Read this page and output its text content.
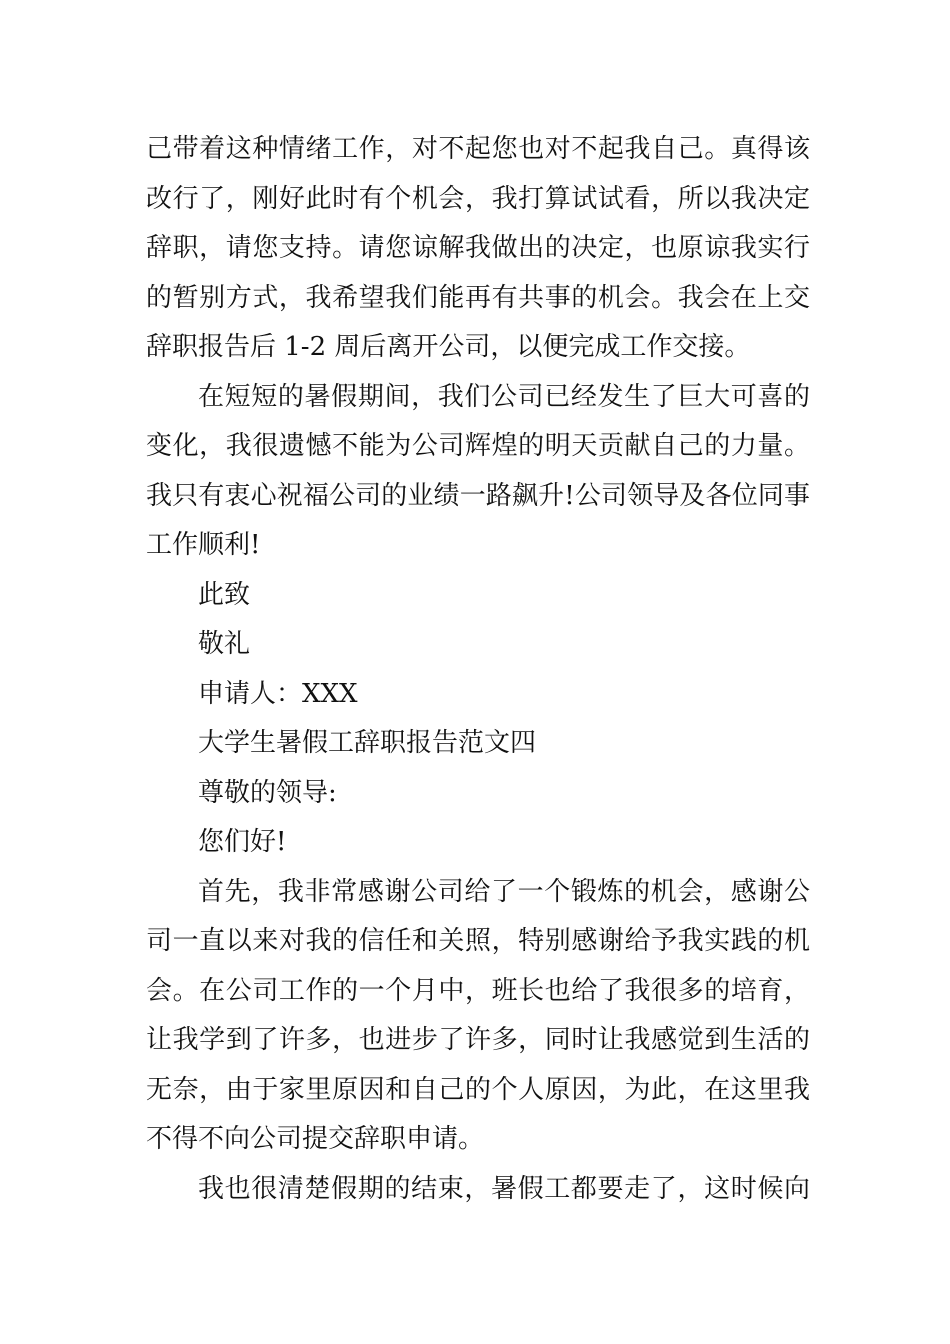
己带着这种情绪工作，对不起您也对不起我自己。真得该
改行了，刚好此时有个机会，我打算试试看，所以我决定
辞职，请您支持。请您谅解我做出的决定，也原谅我实行
的暂别方式，我希望我们能再有共事的机会。我会在上交
辞职报告后 1-2 周后离开公司，以便完成工作交接。
在短短的暑假期间，我们公司已经发生了巨大可喜的
变化，我很遗憾不能为公司辉煌的明天贡献自己的力量。
我只有衷心祝福公司的业绩一路飙升!公司领导及各位同事
工作顺利!
此致
敬礼
申请人：XXX
大学生暑假工辞职报告范文四
尊敬的领导:
您们好!
首先，我非常感谢公司给了一个锻炼的机会，感谢公
司一直以来对我的信任和关照，特别感谢给予我实践的机
会。在公司工作的一个月中，班长也给了我很多的培育，
让我学到了许多，也进步了许多，同时让我感觉到生活的
无奈，由于家里原因和自己的个人原因，为此，在这里我
不得不向公司提交辞职申请。
我也很清楚假期的结束，暑假工都要走了，这时候向
